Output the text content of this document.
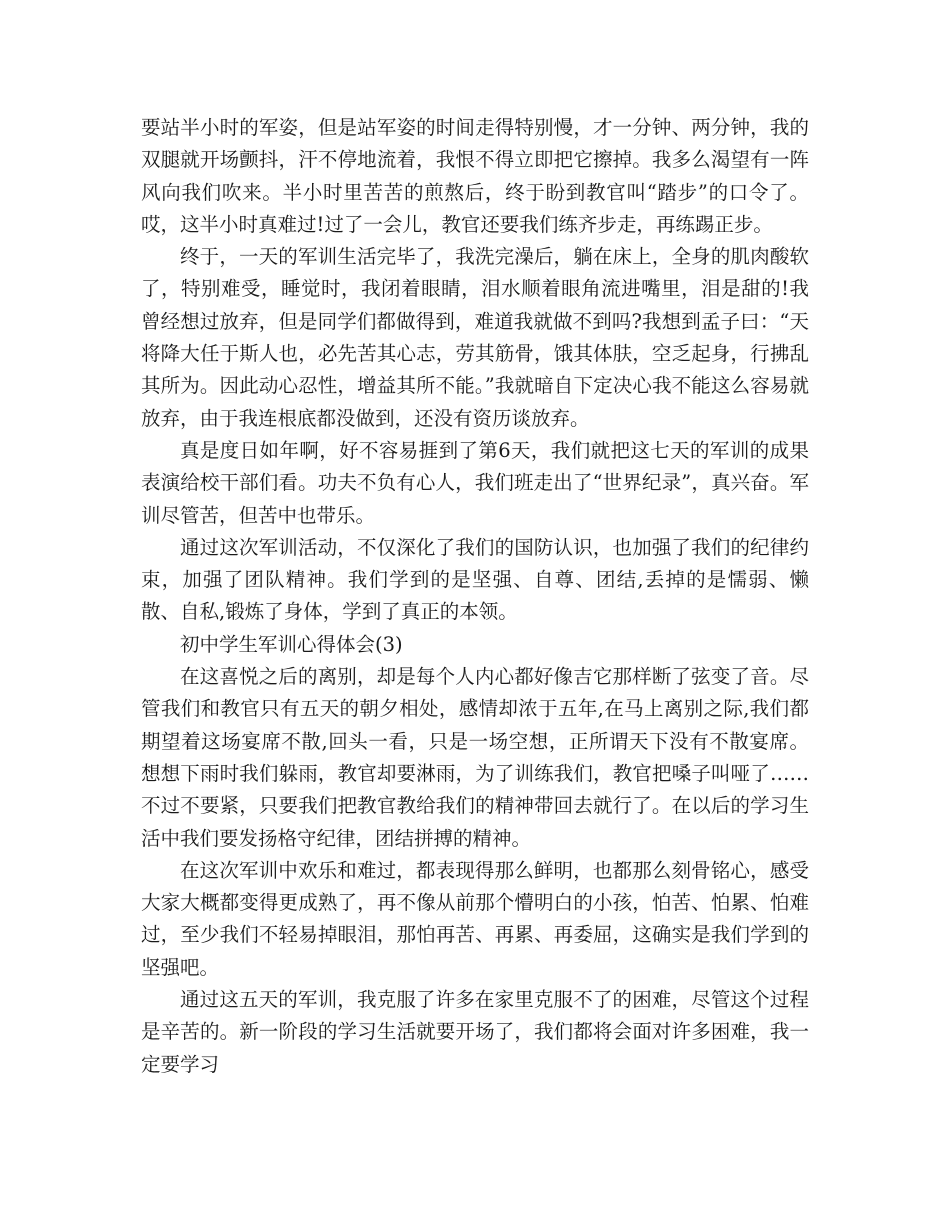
要站半小时的军姿，但是站军姿的时间走得特别慢，才一分钟、两分钟，我的双腿就开场颤抖，汗不停地流着，我恨不得立即把它擦掉。我多么渴望有一阵风向我们吹来。半小时里苦苦的煎熬后，终于盼到教官叫“踏步”的口令了。哎，这半小时真难过!过了一会儿，教官还要我们练齐步走，再练踢正步。

终于，一天的军训生活完毕了，我洗完澡后，躺在床上，全身的肌肉酸软了，特别难受，睡觉时，我闭着眼睛，泪水顺着眼角流进嘴里，泪是甜的!我曾经想过放弃，但是同学们都做得到，难道我就做不到吗?我想到孟子曰：“天将降大任于斯人也，必先苦其心志，劳其筋骨，饿其体肤，空乏起身，行拂乱其所为。因此动心忍性，增益其所不能。”我就暗自下定决心我不能这么容易就放弃，由于我连根底都没做到，还没有资历谈放弃。

真是度日如年啊，好不容易捱到了第6天，我们就把这七天的军训的成果表演给校干部们看。功夫不负有心人，我们班走出了“世界纪录”，真兴奋。军训尽管苦，但苦中也带乐。

通过这次军训活动，不仅深化了我们的国防认识，也加强了我们的纪律约束，加强了团队精神。我们学到的是坚强、自尊、团结,丢掉的是懦弱、懒散、自私,锻炼了身体，学到了真正的本领。

初中学生军训心得体会(3)

在这喜悦之后的离别，却是每个人内心都好像吉它那样断了弦变了音。尽管我们和教官只有五天的朝夕相处，感情却浓于五年,在马上离别之际,我们都期望着这场宴席不散,回头一看，只是一场空想，正所谓天下没有不散宴席。想想下雨时我们躲雨，教官却要淋雨，为了训练我们，教官把嗓子叫哑了……不过不要紧，只要我们把教官教给我们的精神带回去就行了。在以后的学习生活中我们要发扬格守纪律，团结拼搏的精神。

在这次军训中欢乐和难过，都表现得那么鲜明，也都那么刻骨铭心，感受大家大概都变得更成熟了，再不像从前那个懵明白的小孩，怕苦、怕累、怕难过，至少我们不轻易掉眼泪，那怕再苦、再累、再委屈，这确实是我们学到的坚强吧。

通过这五天的军训，我克服了许多在家里克服不了的困难，尽管这个过程是辛苦的。新一阶段的学习生活就要开场了，我们都将会面对许多困难，我一定要学习
